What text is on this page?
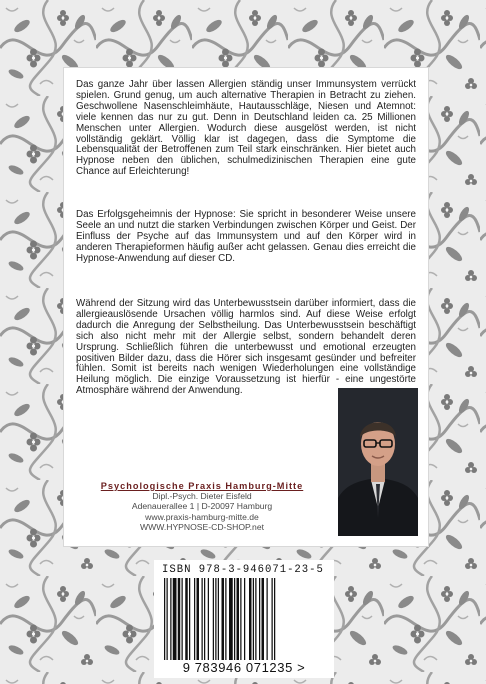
Das ganze Jahr über lassen Allergien ständig unser Immunsystem verrückt spielen. Grund genug, um auch alternative Therapien in Betracht zu ziehen. Geschwollene Nasenschleimhäute, Hautausschläge, Niesen und Atemnot: viele kennen das nur zu gut. Denn in Deutschland leiden ca. 25 Millionen Menschen unter Allergien. Wodurch diese ausgelöst werden, ist nicht vollständig geklärt. Völlig klar ist dagegen, dass die Symptome die Lebensqualität der Betroffenen zum Teil stark einschränken. Hier bietet auch Hypnose neben den üblichen, schulmedizinischen Therapien eine gute Chance auf Erleichterung!

Das Erfolgsgeheimnis der Hypnose: Sie spricht in besonderer Weise unsere Seele an und nutzt die starken Verbindungen zwischen Körper und Geist. Der Einfluss der Psyche auf das Immunsystem und auf den Körper wird in anderen Therapieformen häufig außer acht gelassen. Genau dies erreicht die Hypnose-Anwendung auf dieser CD.

Während der Sitzung wird das Unterbewusstsein darüber informiert, dass die allergieauslösende Ursachen völlig harmlos sind. Auf diese Weise erfolgt dadurch die Anregung der Selbstheilung. Das Unterbewusstsein beschäftigt sich also nicht mehr mit der Allergie selbst, sondern behandelt deren Ursprung. Schließlich führen die unterbewusst und emotional erzeugten positiven Bilder dazu, dass die Hörer sich insgesamt gesünder und befreiter fühlen. Somit ist bereits nach wenigen Wiederholungen eine vollständige Heilung möglich. Die einzige Voraussetzung ist hierfür - eine ungestörte Atmosphäre während der Anwendung.

Psychologische Praxis Hamburg-Mitte
Dipl.-Psych. Dieter Eisfeld
Adenauerallee 1 | D-20097 Hamburg
www.praxis-hamburg-mitte.de
WWW.HYPNOSE-CD-SHOP.net

ISBN 978-3-946071-23-5

9 783946 071235 >
